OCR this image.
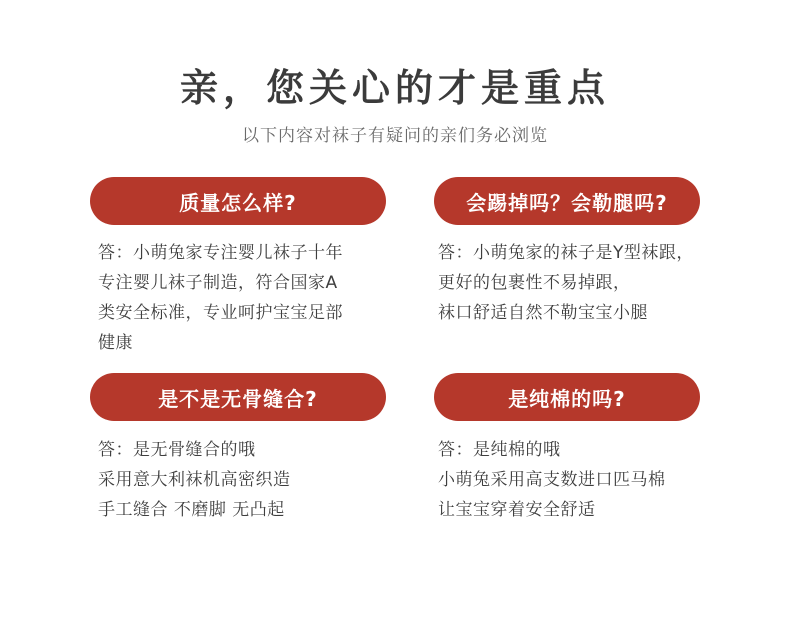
亲，您关心的才是重点
以下内容对袜子有疑问的亲们务必浏览
质量怎么样?
答：小萌兔家专注婴儿袜子十年
专注婴儿袜子制造，符合国家A
类安全标准，专业呵护宝宝足部
健康
会踢掉吗？会勒腿吗?
答：小萌兔家的袜子是Y型袜跟，
更好的包裹性不易掉跟，
袜口舒适自然不勒宝宝小腿
是不是无骨缝合?
答：是无骨缝合的哦
采用意大利袜机高密织造
手工缝合 不磨脚 无凸起
是纯棉的吗?
答：是纯棉的哦
小萌兔采用高支数进口匹马棉
让宝宝穿着安全舒适
